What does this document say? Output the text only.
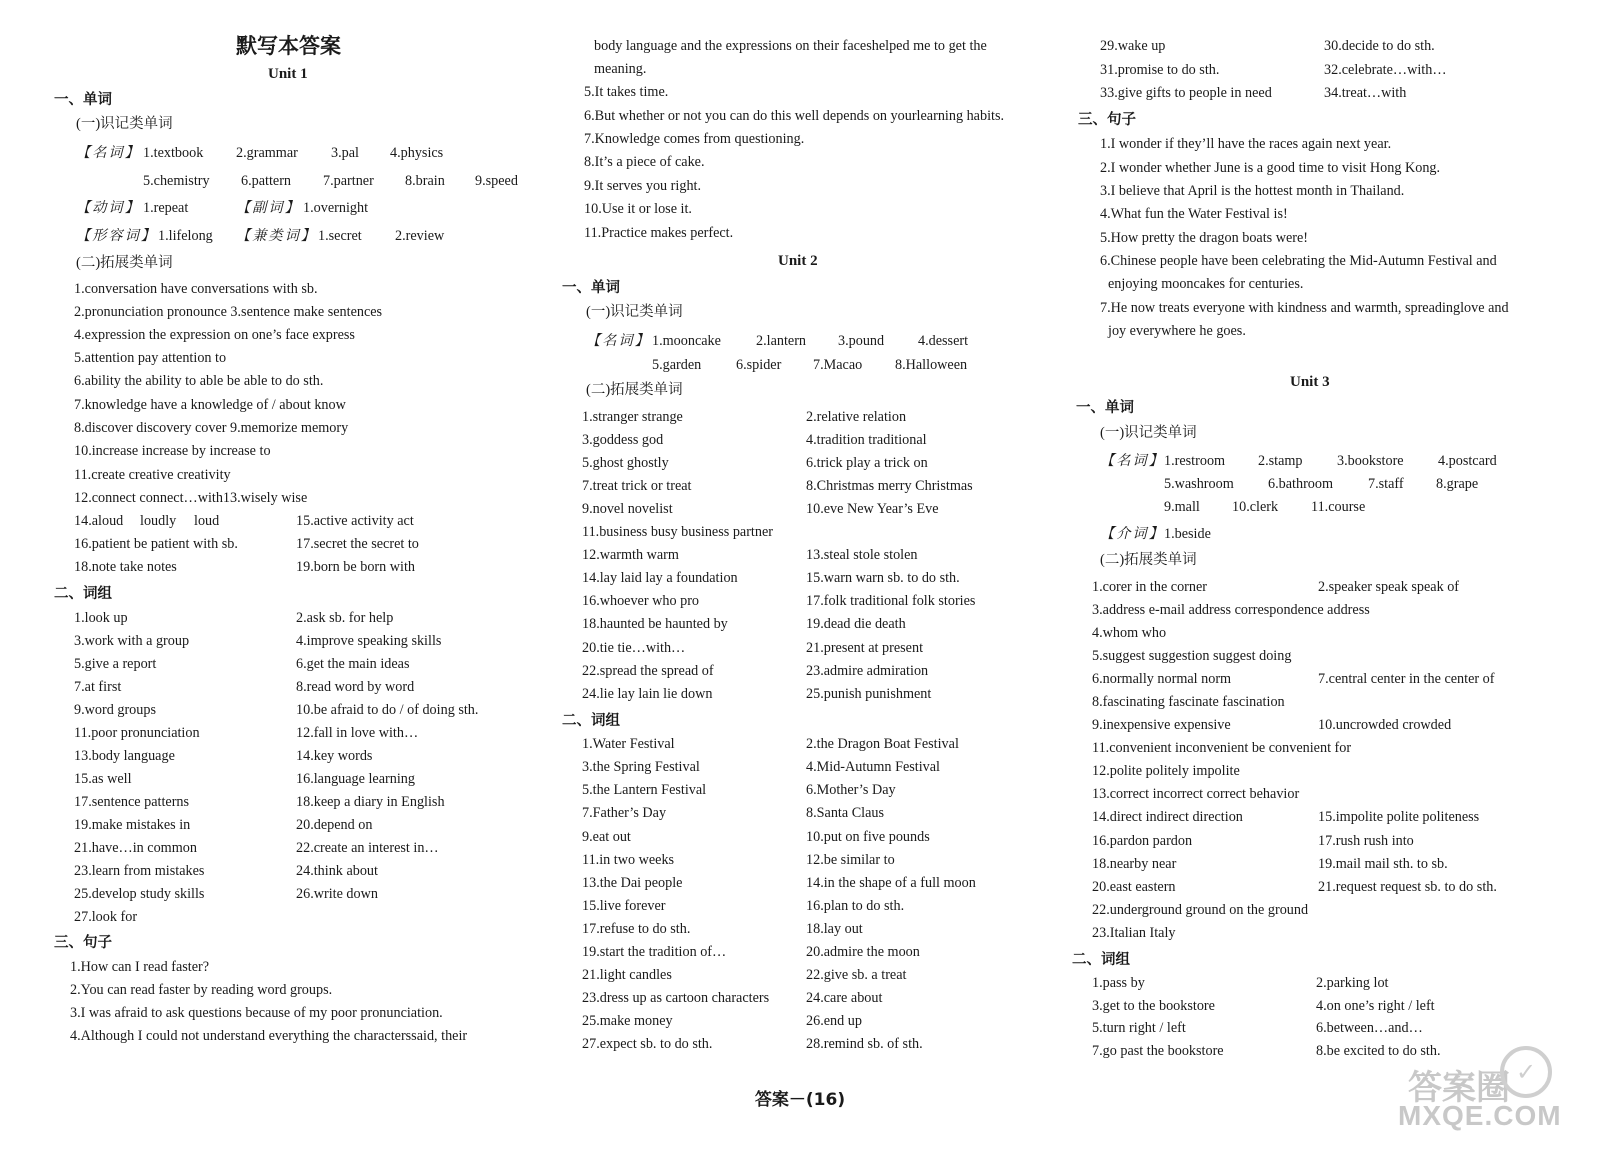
默写本答案
Unit 1
一、单词
(一)识记类单词
【名词】 1.textbook 2.grammar 3.pal 4.physics
5.chemistry 6.pattern 7.partner 8.brain 9.speed
【动词】 1.repeat	【副词】 1.overnight
【形容词】 1.lifelong 【兼类词】 1.secret 2.review
(二)拓展类单词
1.conversation have conversations with sb.
2.pronunciation pronounce 3.sentence make sentences
4.expression the expression on one’s face express
5.attention pay attention to
6.ability the ability to able be able to do sth.
7.knowledge have a knowledge of / about know
8.discover discovery cover 9.memorize memory
10.increase increase by increase to
11.create creative creativity
12.connect connect…with13.wisely wise
14.aloud loudly loud	15.active activity act
16.patient be patient with sb.	17.secret the secret to
18.note take notes	19.born be born with
二、词组
1.look up	2.ask sb. for help
3.work with a group	4.improve speaking skills
5.give a report	6.get the main ideas
7.at first	8.read word by word
9.word groups	10.be afraid to do / of doing sth.
11.poor pronunciation	12.fall in love with…
13.body language	14.key words
15.as well	16.language learning
17.sentence patterns	18.keep a diary in English
19.make mistakes in	20.depend on
21.have…in common	22.create an interest in…
23.learn from mistakes	24.think about
25.develop study skills	26.write down
27.look for
三、句子
1.How can I read faster?
2.You can read faster by reading word groups.
3.I was afraid to ask questions because of my poor pronunciation.
4.Although I could not understand everything the characterssaid, their
body language and the expressions on their faceshelped me to get the
meaning.
5.It takes time.
6.But whether or not you can do this well depends on yourlearning habits.
7.Knowledge comes from questioning.
8.It’s a piece of cake.
9.It serves you right.
10.Use it or lose it.
11.Practice makes perfect.
Unit 2
一、单词
(一)识记类单词
【名词】 1.mooncake 2.lantern 3.pound 4.dessert
5.garden 6.spider 7.Macao 8.Halloween
(二)拓展类单词
1.stranger strange	2.relative relation
3.goddess god	4.tradition traditional
5.ghost ghostly	6.trick play a trick on
7.treat trick or treat	8.Christmas merry Christmas
9.novel novelist	10.eve New Year’s Eve
11.business busy business partner
12.warmth warm	13.steal stole stolen
14.lay laid lay a foundation	15.warn warn sb. to do sth.
16.whoever who pro	17.folk traditional folk stories
18.haunted be haunted by	19.dead die death
20.tie tie…with…	21.present at present
22.spread the spread of	23.admire admiration
24.lie lay lain lie down	25.punish punishment
二、词组
1.Water Festival	2.the Dragon Boat Festival
3.the Spring Festival	4.Mid-Autumn Festival
5.the Lantern Festival	6.Mother’s Day
7.Father’s Day	8.Santa Claus
9.eat out	10.put on five pounds
11.in two weeks	12.be similar to
13.the Dai people	14.in the shape of a full moon
15.live forever	16.plan to do sth.
17.refuse to do sth.	18.lay out
19.start the tradition of…	20.admire the moon
21.light candles	22.give sb. a treat
23.dress up as cartoon characters	24.care about
25.make money	26.end up
27.expect sb. to do sth.	28.remind sb. of sth.
29.wake up	30.decide to do sth.
31.promise to do sth.	32.celebrate…with…
33.give gifts to people in need	34.treat…with
三、句子
1.I wonder if they’ll have the races again next year.
2.I wonder whether June is a good time to visit Hong Kong.
3.I believe that April is the hottest month in Thailand.
4.What fun the Water Festival is!
5.How pretty the dragon boats were!
6.Chinese people have been celebrating the Mid-Autumn Festival and
enjoying mooncakes for centuries.
7.He now treats everyone with kindness and warmth, spreadinglove and
joy everywhere he goes.
Unit 3
一、单词
(一)识记类单词
【名词】 1.restroom 2.stamp 3.bookstore 4.postcard
5.washroom 6.bathroom 7.staff 8.grape
9.mall 10.clerk 11.course
【介词】 1.beside
(二)拓展类单词
1.corer in the corner	2.speaker speak speak of
3.address e-mail address correspondence address
4.whom who
5.suggest suggestion suggest doing
6.normally normal norm	7.central center in the center of
8.fascinating fascinate fascination
9.inexpensive expensive	10.uncrowded crowded
11.convenient inconvenient be convenient for
12.polite politely impolite
13.correct incorrect correct behavior
14.direct indirect direction	15.impolite polite politeness
16.pardon pardon	17.rush rush into
18.nearby near	19.mail mail sth. to sb.
20.east eastern	21.request request sb. to do sth.
22.underground ground on the ground
23.Italian Italy
二、词组
1.pass by	2.parking lot
3.get to the bookstore	4.on one’s right / left
5.turn right / left	6.between…and…
7.go past the bookstore	8.be excited to do sth.
答案圈 ✓
MXQE.COM
答案－(16)
